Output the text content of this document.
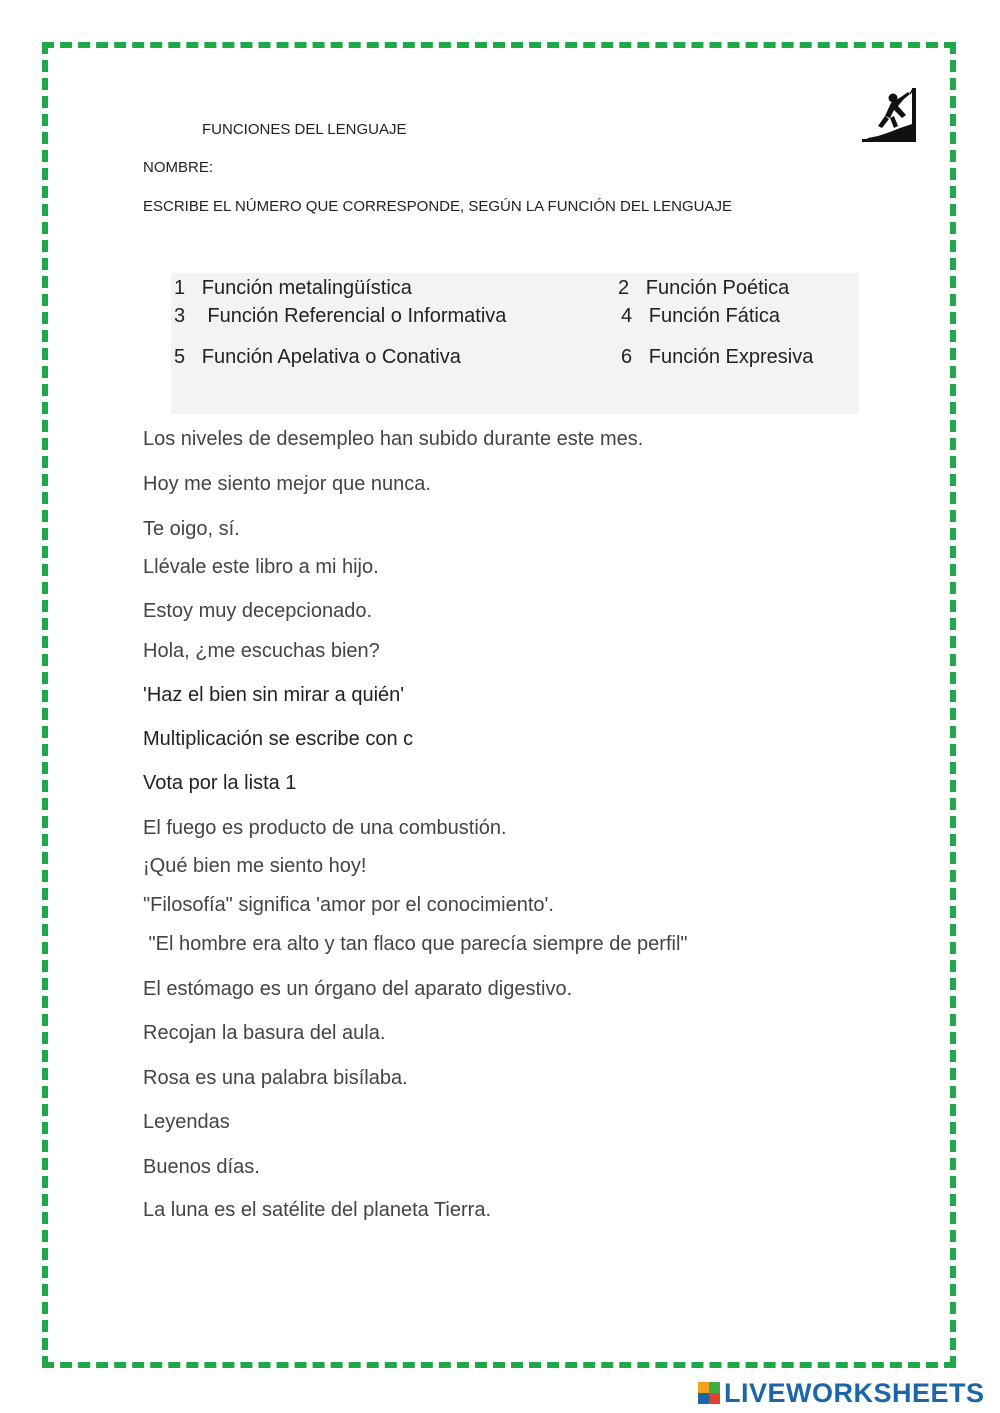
FUNCIONES DEL LENGUAJE
NOMBRE:
ESCRIBE EL NÚMERO QUE CORRESPONDE, SEGÚN LA FUNCIÓN DEL LENGUAJE
1 Función metalingüística	2 Función Poética
3 Función Referencial o Informativa	4 Función Fática
5 Función Apelativa o Conativa	6 Función Expresiva
Los niveles de desempleo han subido durante este mes.
Hoy me siento mejor que nunca.
Te oigo, sí.
Llévale este libro a mi hijo.
Estoy muy decepcionado.
Hola, ¿me escuchas bien?
'Haz el bien sin mirar a quién'
Multiplicación se escribe con c
Vota por la lista 1
El fuego es producto de una combustión.
¡Qué bien me siento hoy!
"Filosofía" significa 'amor por el conocimiento'.
"El hombre era alto y tan flaco que parecía siempre de perfil"
El estómago es un órgano del aparato digestivo.
Recojan la basura del aula.
Rosa es una palabra bisílaba.
Leyendas
Buenos días.
La luna es el satélite del planeta Tierra.
LIVEWORKSHEETS
